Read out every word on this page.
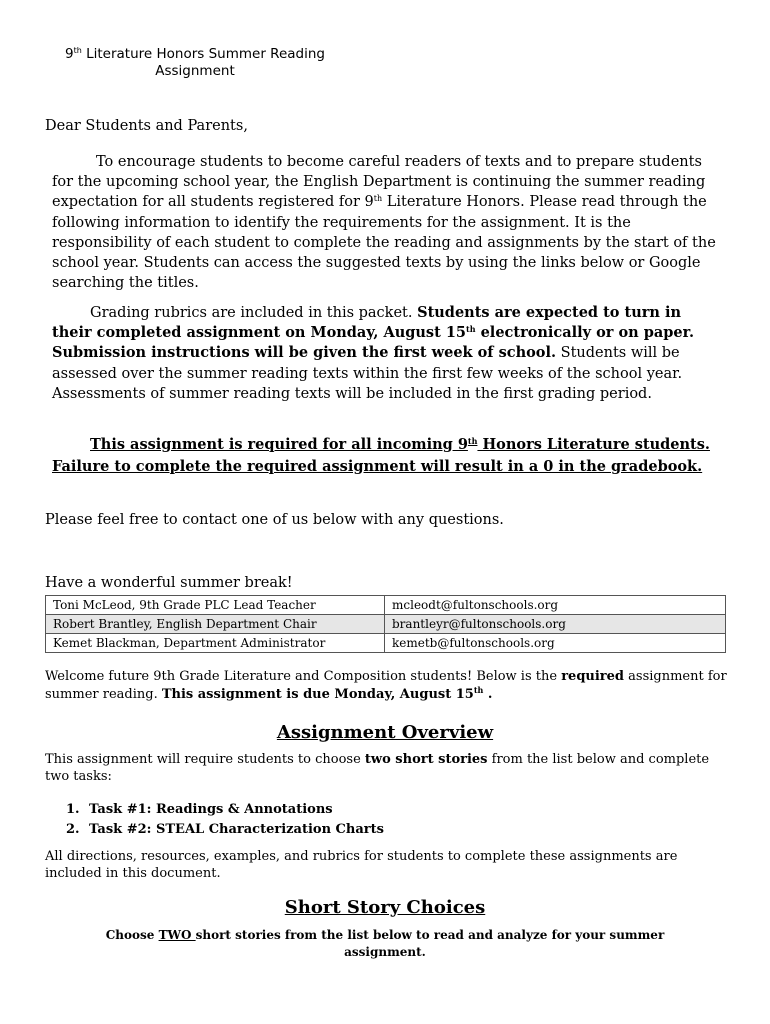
9th Literature Honors Summer Reading
Assignment
Dear Students and Parents,
To encourage students to become careful readers of texts and to prepare students for the upcoming school year, the English Department is continuing the summer reading expectation for all students registered for 9th Literature Honors. Please read through the following information to identify the requirements for the assignment. It is the responsibility of each student to complete the reading and assignments by the start of the school year. Students can access the suggested texts by using the links below or Google searching the titles.
Grading rubrics are included in this packet. Students are expected to turn in their completed assignment on Monday, August 15th electronically or on paper. Submission instructions will be given the first week of school. Students will be assessed over the summer reading texts within the first few weeks of the school year. Assessments of summer reading texts will be included in the first grading period.
This assignment is required for all incoming 9th Honors Literature students. Failure to complete the required assignment will result in a 0 in the gradebook.
Please feel free to contact one of us below with any questions.
Have a wonderful summer break!
Toni McLeod, 9th Grade PLC Lead Teacher	mcleodt@fultonschools.org
Robert Brantley, English Department Chair	brantleyr@fultonschools.org
Kemet Blackman, Department Administrator	kemetb@fultonschools.org
Welcome future 9th Grade Literature and Composition students! Below is the required assignment for summer reading. This assignment is due Monday, August 15th .
Assignment Overview
This assignment will require students to choose two short stories from the list below and complete two tasks:
1. Task #1: Readings & Annotations
2. Task #2: STEAL Characterization Charts
All directions, resources, examples, and rubrics for students to complete these assignments are included in this document.
Short Story Choices
Choose TWO short stories from the list below to read and analyze for your summer assignment.
